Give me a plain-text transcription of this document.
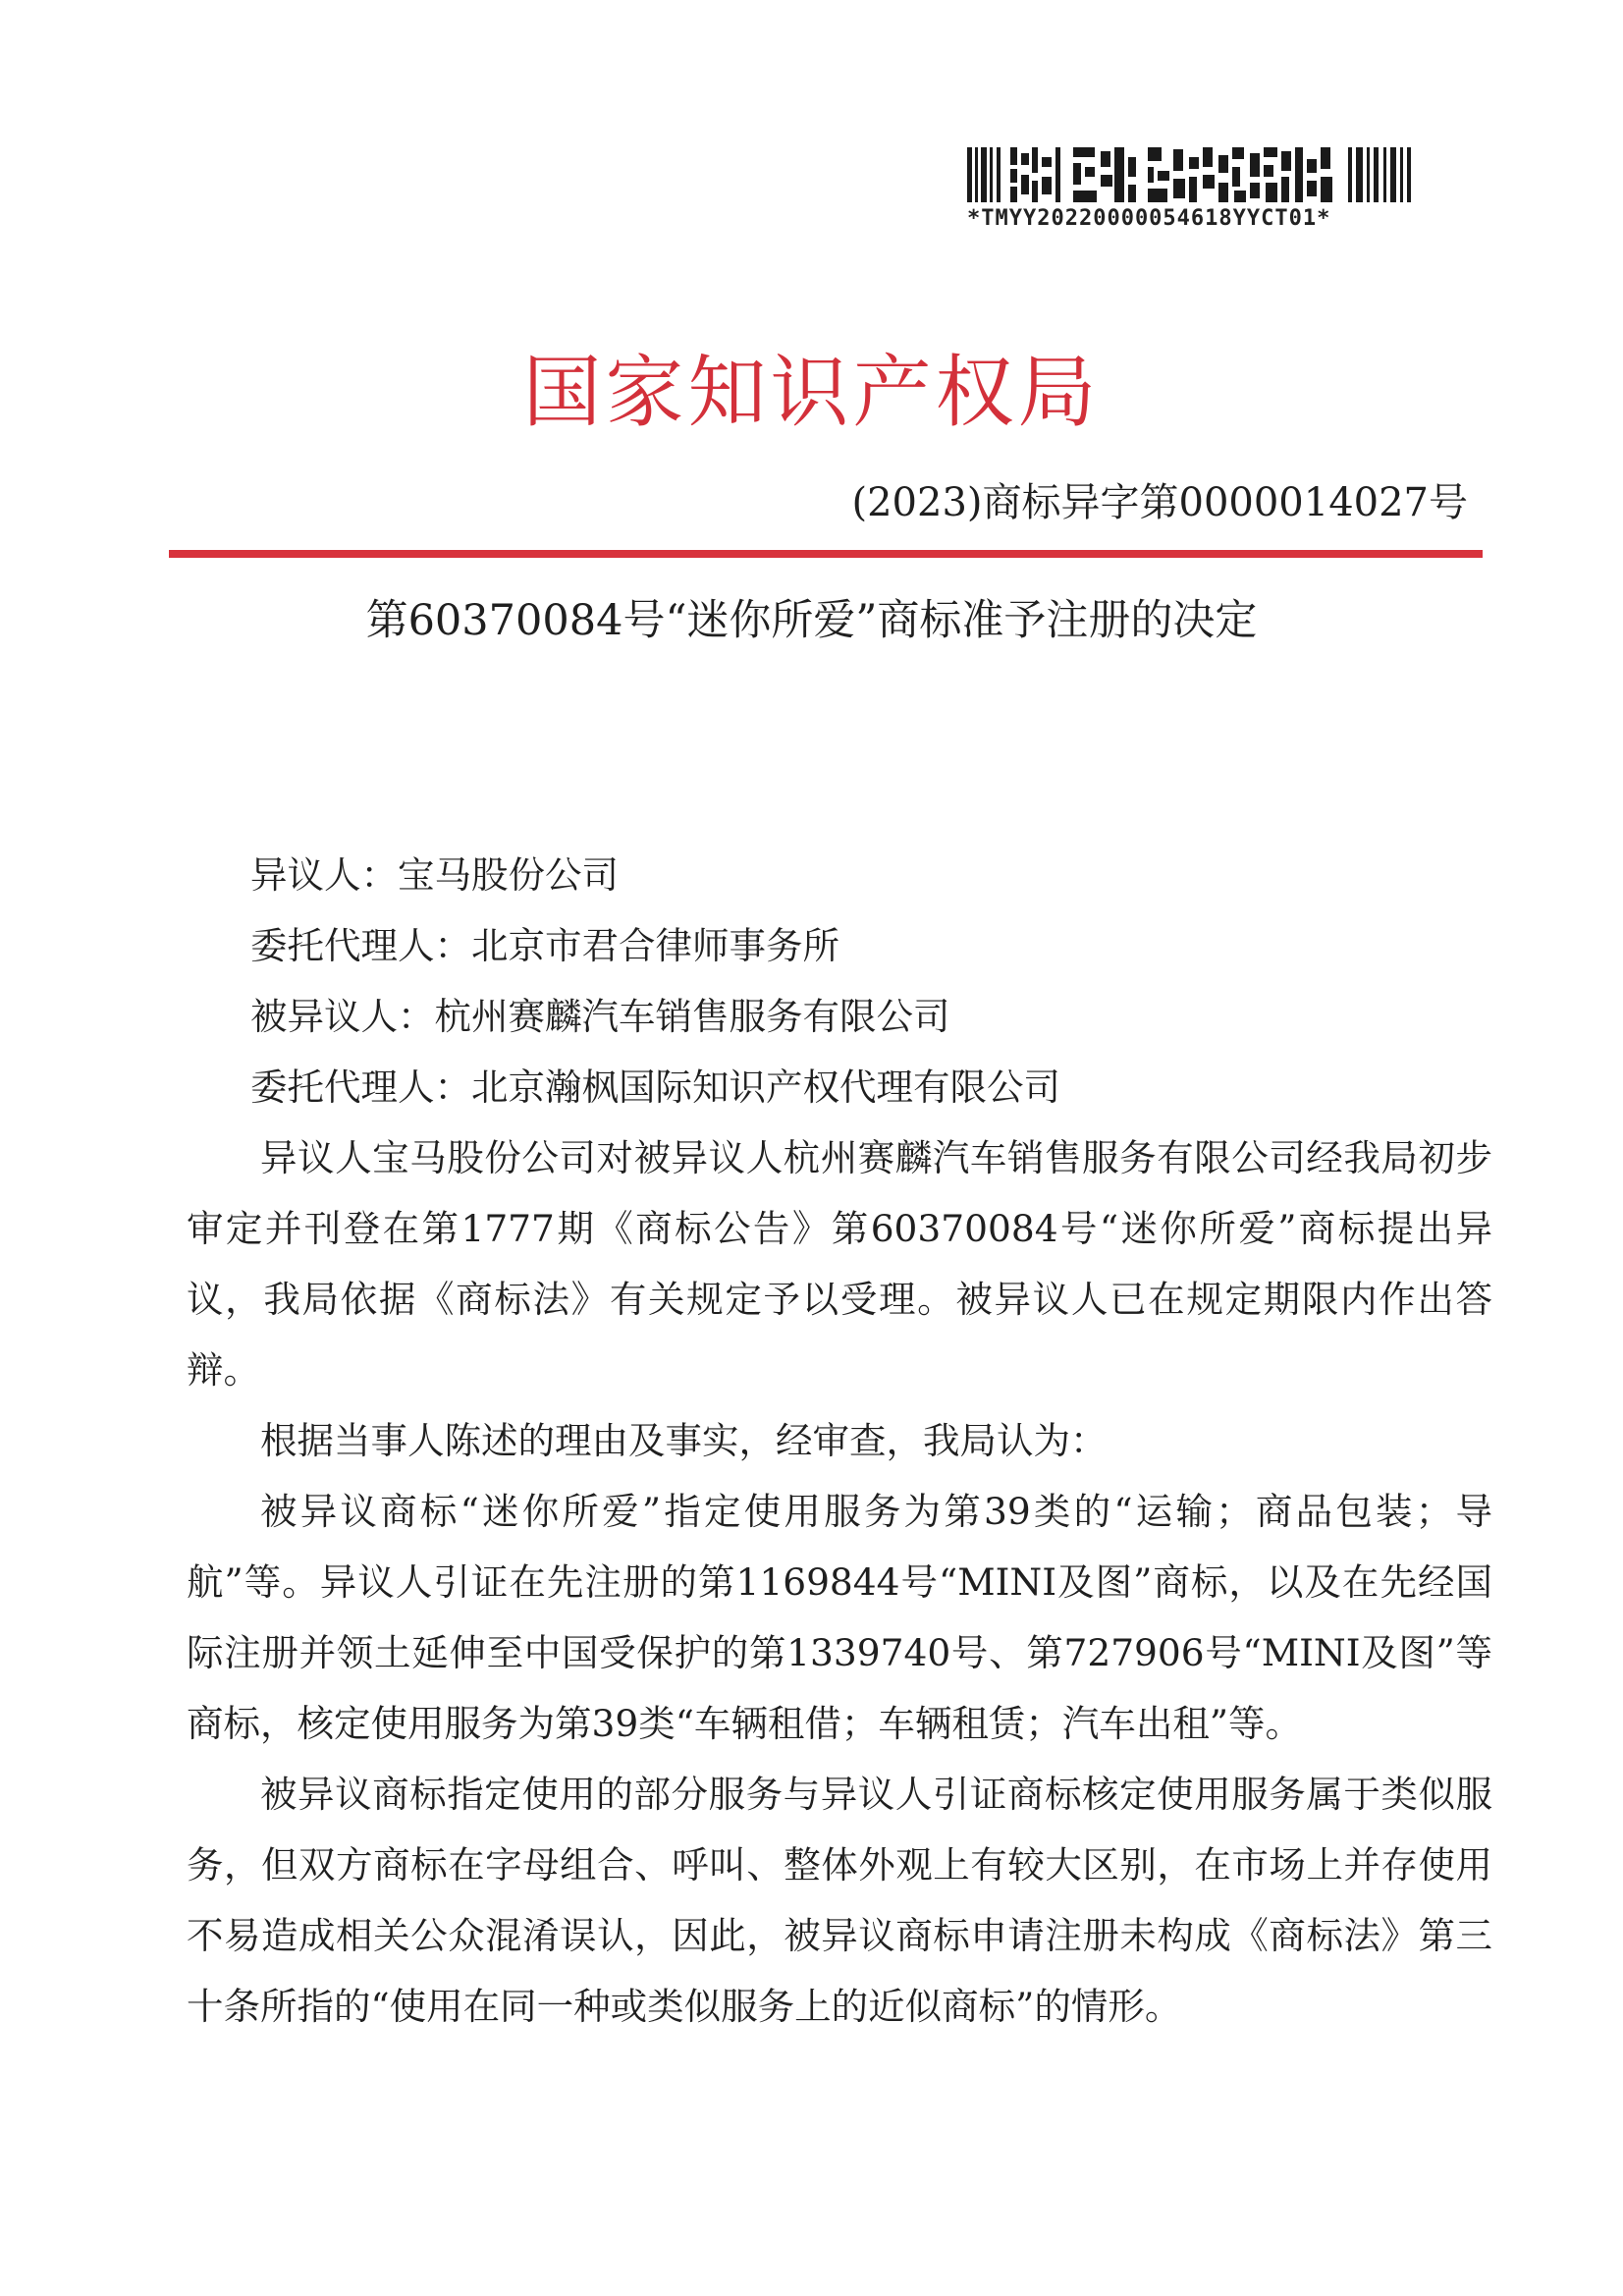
*TMYY20220000054618YYCT01*
国家知识产权局
(2023)商标异字第0000014027号
第60370084号“迷你所爱”商标准予注册的决定

异议人：宝马股份公司

委托代理人：北京市君合律师事务所

被异议人：杭州赛麟汽车销售服务有限公司

委托代理人：北京瀚枫国际知识产权代理有限公司

异议人宝马股份公司对被异议人杭州赛麟汽车销售服务有限公司经我局初步审定并刊登在第1777期《商标公告》第60370084号“迷你所爱”商标提出异议，我局依据《商标法》有关规定予以受理。被异议人已在规定期限内作出答辩。

根据当事人陈述的理由及事实，经审查，我局认为：

被异议商标“迷你所爱”指定使用服务为第39类的“运输；商品包装；导航”等。异议人引证在先注册的第1169844号“MINI及图”商标，以及在先经国际注册并领土延伸至中国受保护的第1339740号、第727906号“MINI及图”等商标，核定使用服务为第39类“车辆租借；车辆租赁；汽车出租”等。

被异议商标指定使用的部分服务与异议人引证商标核定使用服务属于类似服务，但双方商标在字母组合、呼叫、整体外观上有较大区别，在市场上并存使用不易造成相关公众混淆误认，因此，被异议商标申请注册未构成《商标法》第三十条所指的“使用在同一种或类似服务上的近似商标”的情形。
